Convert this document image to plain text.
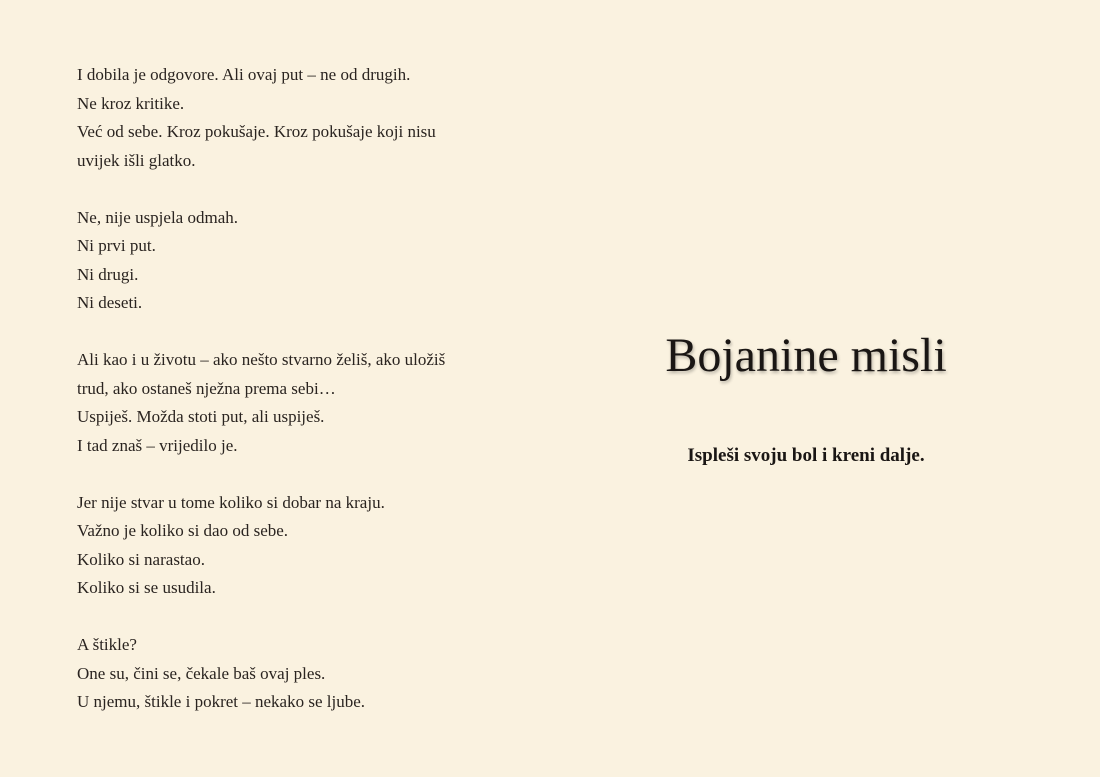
I dobila je odgovore. Ali ovaj put – ne od drugih.
Ne kroz kritike.
Već od sebe. Kroz pokušaje. Kroz pokušaje koji nisu
uvijek išli glatko.
Ne, nije uspjela odmah.
Ni prvi put.
Ni drugi.
Ni deseti.
Ali kao i u životu – ako nešto stvarno želiš, ako uložiš
trud, ako ostaneš nježna prema sebi…
Uspiješ. Možda stoti put, ali uspiješ.
I tad znaš – vrijedilo je.
Jer nije stvar u tome koliko si dobar na kraju.
Važno je koliko si dao od sebe.
Koliko si narastao.
Koliko si se usudila.
A štikle?
One su, čini se, čekale baš ovaj ples.
U njemu, štikle i pokret – nekako se ljube.
Bojanine misli

Ispleši svoju bol i kreni dalje.
